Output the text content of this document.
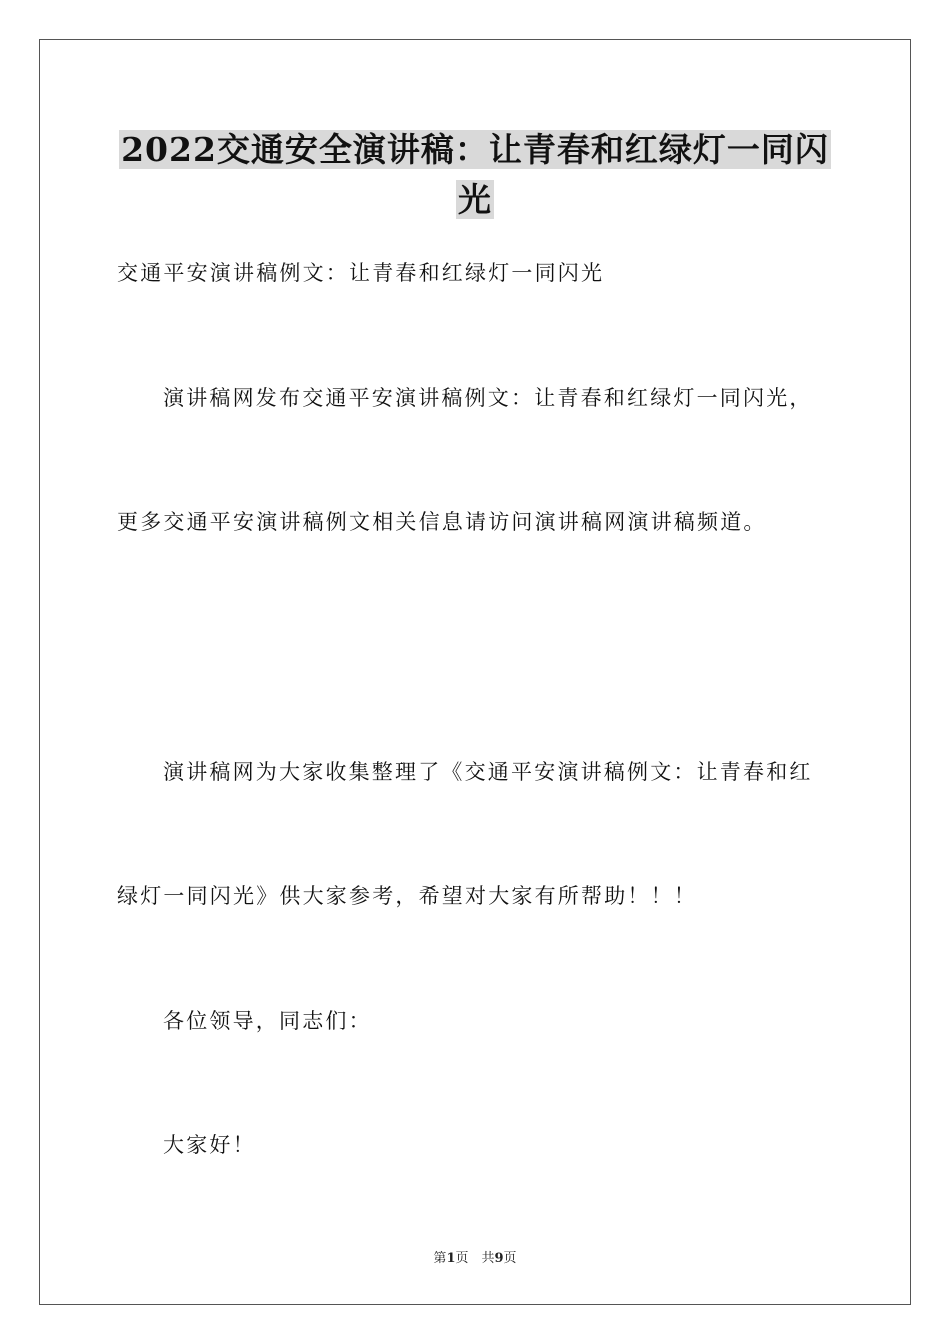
2022交通安全演讲稿：让青春和红绿灯一同闪
光
交通平安演讲稿例文：让青春和红绿灯一同闪光
演讲稿网发布交通平安演讲稿例文：让青春和红绿灯一同闪光，
更多交通平安演讲稿例文相关信息请访问演讲稿网演讲稿频道。
演讲稿网为大家收集整理了《交通平安演讲稿例文：让青春和红
绿灯一同闪光》供大家参考，希望对大家有所帮助！！！
各位领导，同志们：
大家好！
第1页　共9页
